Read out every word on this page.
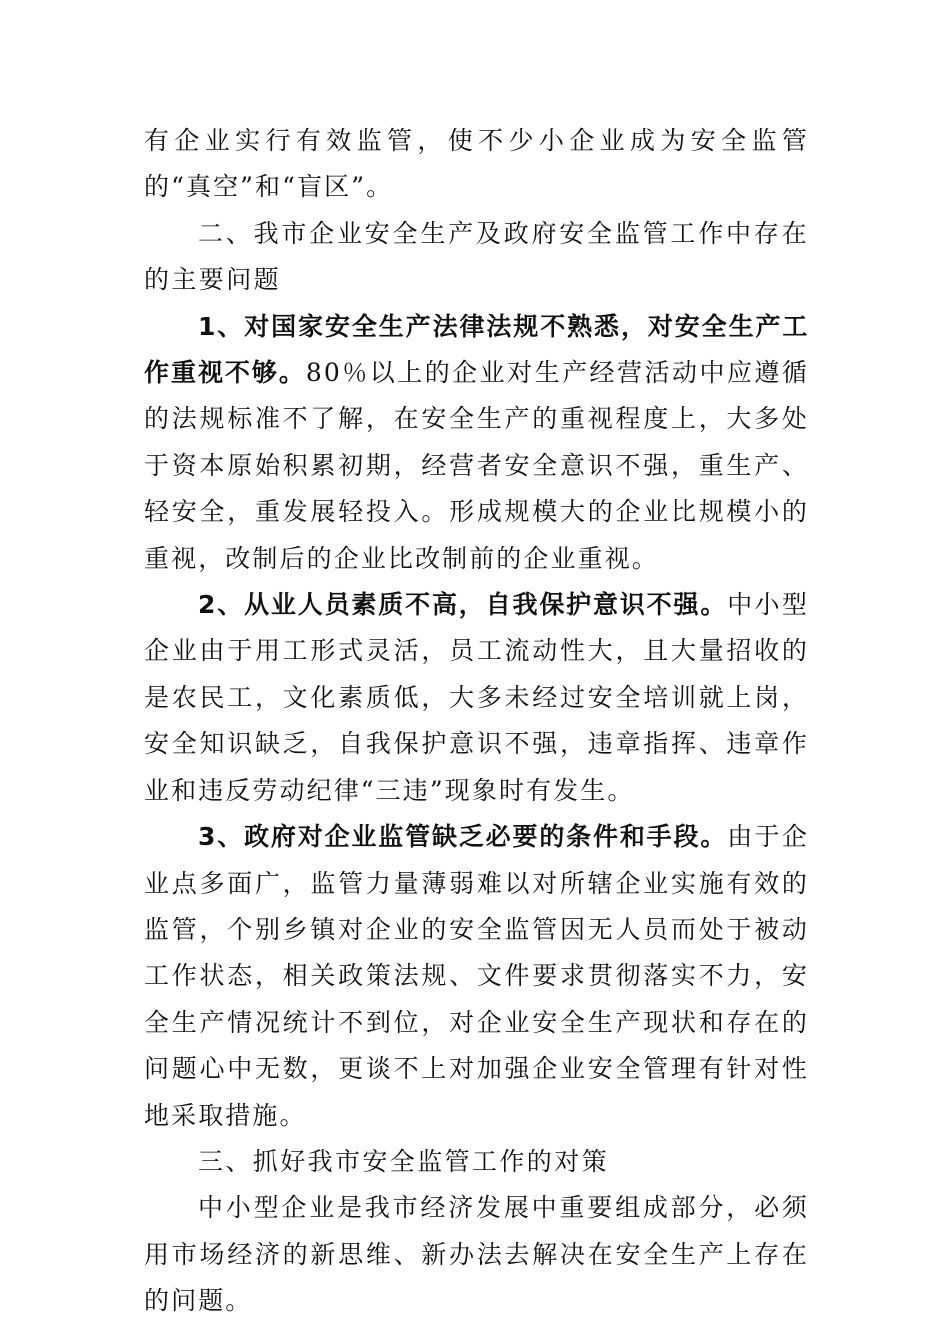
有企业实行有效监管，使不少小企业成为安全监管的“真空”和“盲区”。

二、我市企业安全生产及政府安全监管工作中存在的主要问题

1、对国家安全生产法律法规不熟悉，对安全生产工作重视不够。80％以上的企业对生产经营活动中应遵循的法规标准不了解，在安全生产的重视程度上，大多处于资本原始积累初期，经营者安全意识不强，重生产、轻安全，重发展轻投入。形成规模大的企业比规模小的重视，改制后的企业比改制前的企业重视。

2、从业人员素质不高，自我保护意识不强。中小型企业由于用工形式灵活，员工流动性大，且大量招收的是农民工，文化素质低，大多未经过安全培训就上岗，安全知识缺乏，自我保护意识不强，违章指挥、违章作业和违反劳动纪律“三违”现象时有发生。

3、政府对企业监管缺乏必要的条件和手段。由于企业点多面广，监管力量薄弱难以对所辖企业实施有效的监管，个别乡镇对企业的安全监管因无人员而处于被动工作状态，相关政策法规、文件要求贯彻落实不力，安全生产情况统计不到位，对企业安全生产现状和存在的问题心中无数，更谈不上对加强企业安全管理有针对性地采取措施。

三、抓好我市安全监管工作的对策

中小型企业是我市经济发展中重要组成部分，必须用市场经济的新思维、新办法去解决在安全生产上存在的问题。
